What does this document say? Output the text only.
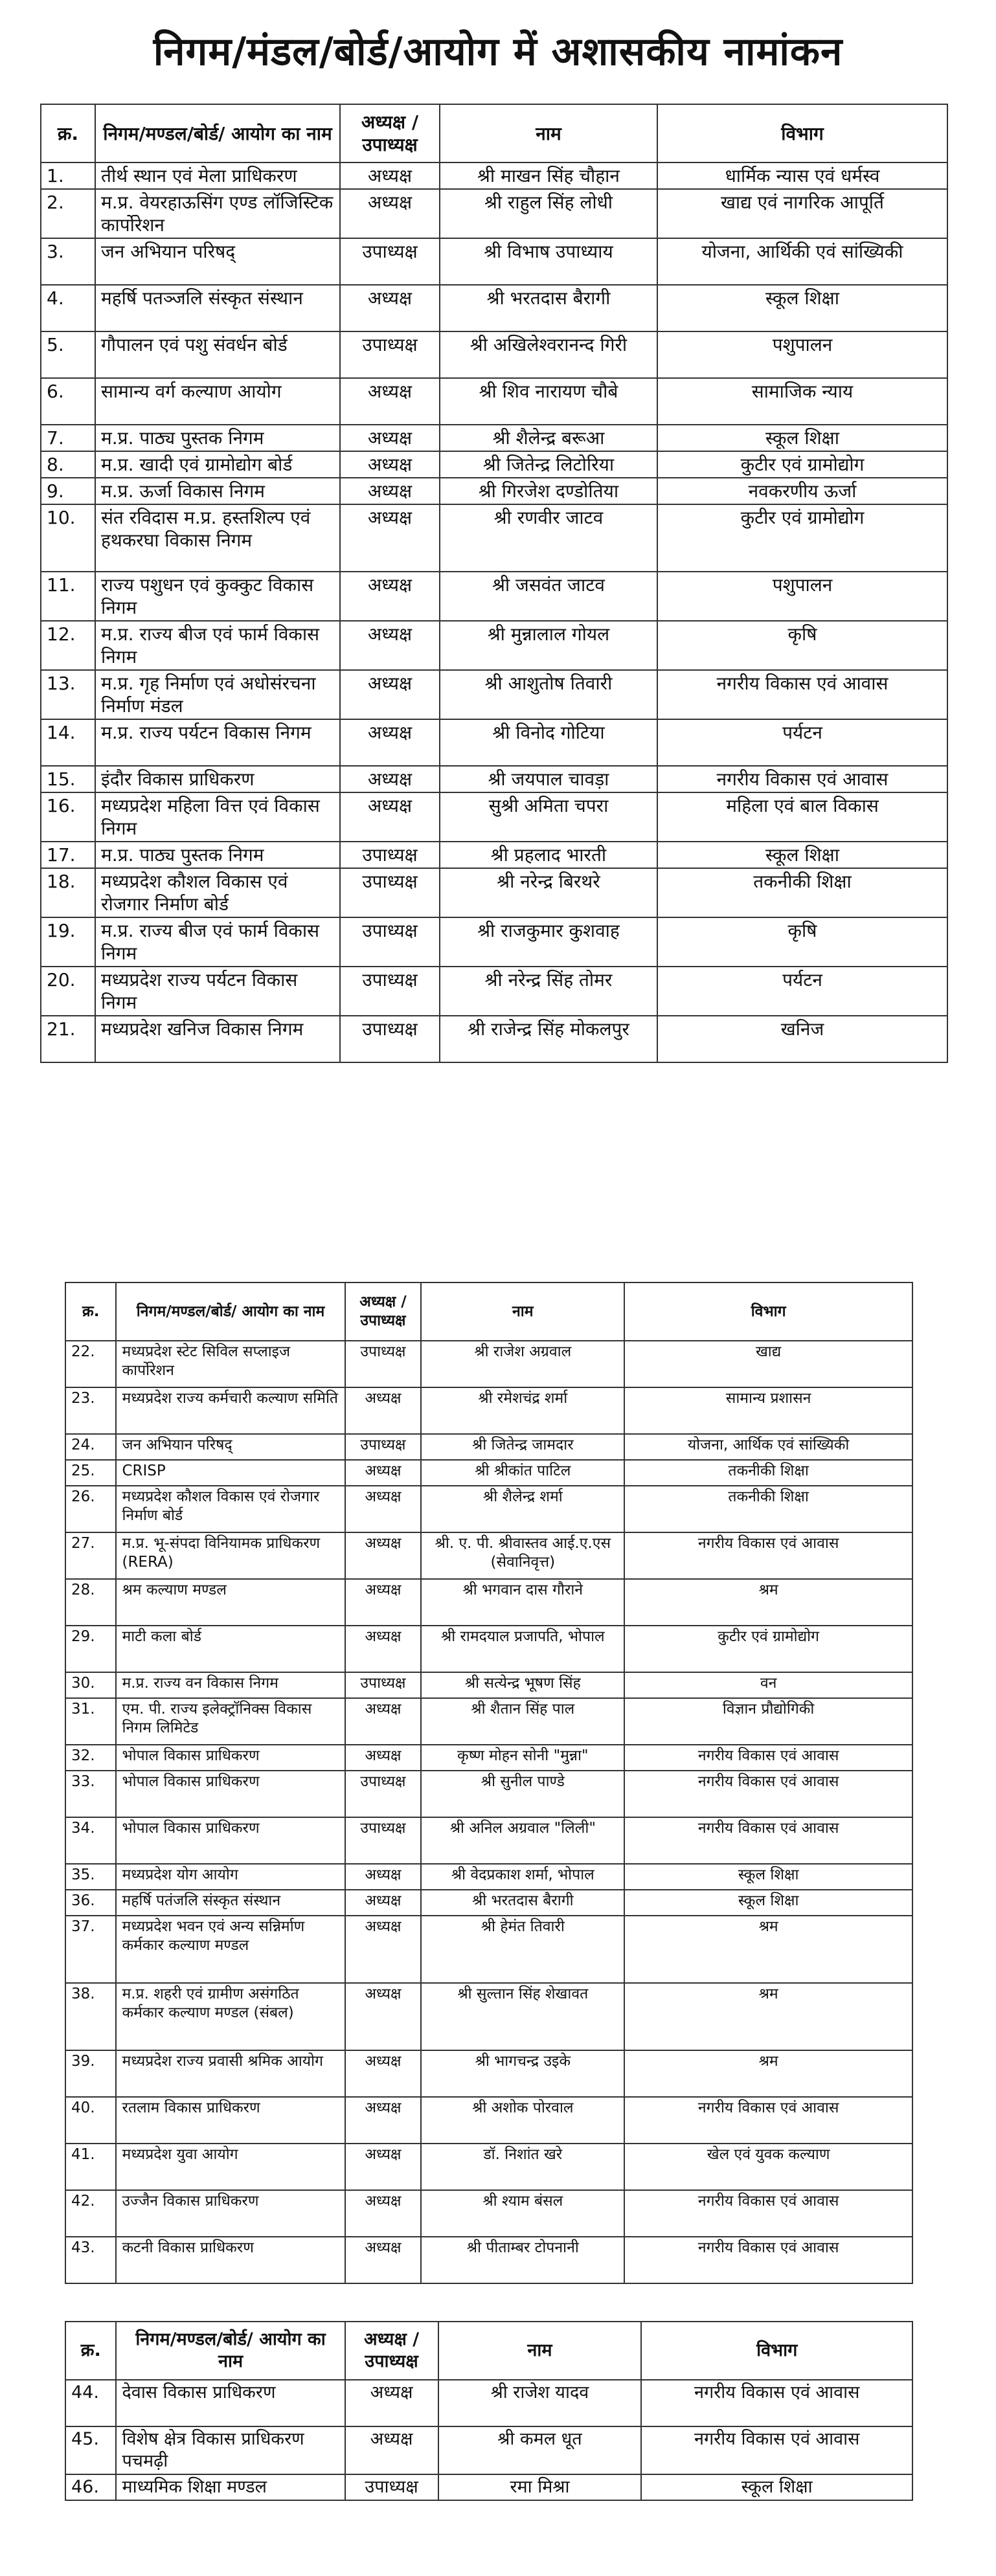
निगम/मंडल/बोर्ड/आयोग में अशासकीय नामांकन
क्र.	निगम/मण्डल/बोर्ड/ आयोग का नाम	अध्यक्ष / उपाध्यक्ष	नाम	विभाग
1.	तीर्थ स्थान एवं मेला प्राधिकरण	अध्यक्ष	श्री माखन सिंह चौहान	धार्मिक न्यास एवं धर्मस्व
2.	म.प्र. वेयरहाऊसिंग एण्ड लॉजिस्टिक कार्पोरेशन	अध्यक्ष	श्री राहुल सिंह लोधी	खाद्य एवं नागरिक आपूर्ति
3.	जन अभियान परिषद्	उपाध्यक्ष	श्री विभाष उपाध्याय	योजना, आर्थिकी एवं सांख्यिकी
4.	महर्षि पतञ्जलि संस्कृत संस्थान	अध्यक्ष	श्री भरतदास बैरागी	स्कूल शिक्षा
5.	गौपालन एवं पशु संवर्धन बोर्ड	उपाध्यक्ष	श्री अखिलेश्वरानन्द गिरी	पशुपालन
6.	सामान्य वर्ग कल्याण आयोग	अध्यक्ष	श्री शिव नारायण चौबे	सामाजिक न्याय
7.	म.प्र. पाठ्य पुस्तक निगम	अध्यक्ष	श्री शैलेन्द्र बरूआ	स्कूल शिक्षा
8.	म.प्र. खादी एवं ग्रामोद्योग बोर्ड	अध्यक्ष	श्री जितेन्द्र लिटोरिया	कुटीर एवं ग्रामोद्योग
9.	म.प्र. ऊर्जा विकास निगम	अध्यक्ष	श्री गिरजेश दण्डोतिया	नवकरणीय ऊर्जा
10.	संत रविदास म.प्र. हस्तशिल्प एवं हथकरघा विकास निगम	अध्यक्ष	श्री रणवीर जाटव	कुटीर एवं ग्रामोद्योग
11.	राज्य पशुधन एवं कुक्कुट विकास निगम	अध्यक्ष	श्री जसवंत जाटव	पशुपालन
12.	म.प्र. राज्य बीज एवं फार्म विकास निगम	अध्यक्ष	श्री मुन्नालाल गोयल	कृषि
13.	म.प्र. गृह निर्माण एवं अधोसंरचना निर्माण मंडल	अध्यक्ष	श्री आशुतोष तिवारी	नगरीय विकास एवं आवास
14.	म.प्र. राज्य पर्यटन विकास निगम	अध्यक्ष	श्री विनोद गोटिया	पर्यटन
15.	इंदौर विकास प्राधिकरण	अध्यक्ष	श्री जयपाल चावड़ा	नगरीय विकास एवं आवास
16.	मध्यप्रदेश महिला वित्त एवं विकास निगम	अध्यक्ष	सुश्री अमिता चपरा	महिला एवं बाल विकास
17.	म.प्र. पाठ्य पुस्तक निगम	उपाध्यक्ष	श्री प्रहलाद भारती	स्कूल शिक्षा
18.	मध्यप्रदेश कौशल विकास एवं रोजगार निर्माण बोर्ड	उपाध्यक्ष	श्री नरेन्द्र बिरथरे	तकनीकी शिक्षा
19.	म.प्र. राज्य बीज एवं फार्म विकास निगम	उपाध्यक्ष	श्री राजकुमार कुशवाह	कृषि
20.	मध्यप्रदेश राज्य पर्यटन विकास निगम	उपाध्यक्ष	श्री नरेन्द्र सिंह तोमर	पर्यटन
21.	मध्यप्रदेश खनिज विकास निगम	उपाध्यक्ष	श्री राजेन्द्र सिंह मोकलपुर	खनिज
क्र.	निगम/मण्डल/बोर्ड/ आयोग का नाम	अध्यक्ष / उपाध्यक्ष	नाम	विभाग
22.	मध्यप्रदेश स्टेट सिविल सप्लाइज कार्पोरेशन	उपाध्यक्ष	श्री राजेश अग्रवाल	खाद्य
23.	मध्यप्रदेश राज्य कर्मचारी कल्याण समिति	अध्यक्ष	श्री रमेशचंद्र शर्मा	सामान्य प्रशासन
24.	जन अभियान परिषद्	उपाध्यक्ष	श्री जितेन्द्र जामदार	योजना, आर्थिक एवं सांख्यिकी
25.	CRISP	अध्यक्ष	श्री श्रीकांत पाटिल	तकनीकी शिक्षा
26.	मध्यप्रदेश कौशल विकास एवं रोजगार निर्माण बोर्ड	अध्यक्ष	श्री शैलेन्द्र शर्मा	तकनीकी शिक्षा
27.	म.प्र. भू-संपदा विनियामक प्राधिकरण (RERA)	अध्यक्ष	श्री. ए. पी. श्रीवास्तव आई.ए.एस (सेवानिवृत्त)	नगरीय विकास एवं आवास
28.	श्रम कल्याण मण्डल	अध्यक्ष	श्री भगवान दास गौराने	श्रम
29.	माटी कला बोर्ड	अध्यक्ष	श्री रामदयाल प्रजापति, भोपाल	कुटीर एवं ग्रामोद्योग
30.	म.प्र. राज्य वन विकास निगम	उपाध्यक्ष	श्री सत्येन्द्र भूषण सिंह	वन
31.	एम. पी. राज्य इलेक्ट्रॉनिक्स विकास निगम लिमिटेड	अध्यक्ष	श्री शैतान सिंह पाल	विज्ञान प्रौद्योगिकी
32.	भोपाल विकास प्राधिकरण	अध्यक्ष	कृष्ण मोहन सोनी "मुन्ना"	नगरीय विकास एवं आवास
33.	भोपाल विकास प्राधिकरण	उपाध्यक्ष	श्री सुनील पाण्डे	नगरीय विकास एवं आवास
34.	भोपाल विकास प्राधिकरण	उपाध्यक्ष	श्री अनिल अग्रवाल "लिली"	नगरीय विकास एवं आवास
35.	मध्यप्रदेश योग आयोग	अध्यक्ष	श्री वेदप्रकाश शर्मा, भोपाल	स्कूल शिक्षा
36.	महर्षि पतंजलि संस्कृत संस्थान	अध्यक्ष	श्री भरतदास बैरागी	स्कूल शिक्षा
37.	मध्यप्रदेश भवन एवं अन्य सन्निर्माण कर्मकार कल्याण मण्डल	अध्यक्ष	श्री हेमंत तिवारी	श्रम
38.	म.प्र. शहरी एवं ग्रामीण असंगठित कर्मकार कल्याण मण्डल (संबल)	अध्यक्ष	श्री सुल्तान सिंह शेखावत	श्रम
39.	मध्यप्रदेश राज्य प्रवासी श्रमिक आयोग	अध्यक्ष	श्री भागचन्द्र उइके	श्रम
40.	रतलाम विकास प्राधिकरण	अध्यक्ष	श्री अशोक पोरवाल	नगरीय विकास एवं आवास
41.	मध्यप्रदेश युवा आयोग	अध्यक्ष	डॉ. निशांत खरे	खेल एवं युवक कल्याण
42.	उज्जैन विकास प्राधिकरण	अध्यक्ष	श्री श्याम बंसल	नगरीय विकास एवं आवास
43.	कटनी विकास प्राधिकरण	अध्यक्ष	श्री पीताम्बर टोपनानी	नगरीय विकास एवं आवास
क्र.	निगम/मण्डल/बोर्ड/ आयोग का नाम	अध्यक्ष / उपाध्यक्ष	नाम	विभाग
44.	देवास विकास प्राधिकरण	अध्यक्ष	श्री राजेश यादव	नगरीय विकास एवं आवास
45.	विशेष क्षेत्र विकास प्राधिकरण पचमढ़ी	अध्यक्ष	श्री कमल धूत	नगरीय विकास एवं आवास
46.	माध्यमिक शिक्षा मण्डल	उपाध्यक्ष	रमा मिश्रा	स्कूल शिक्षा
